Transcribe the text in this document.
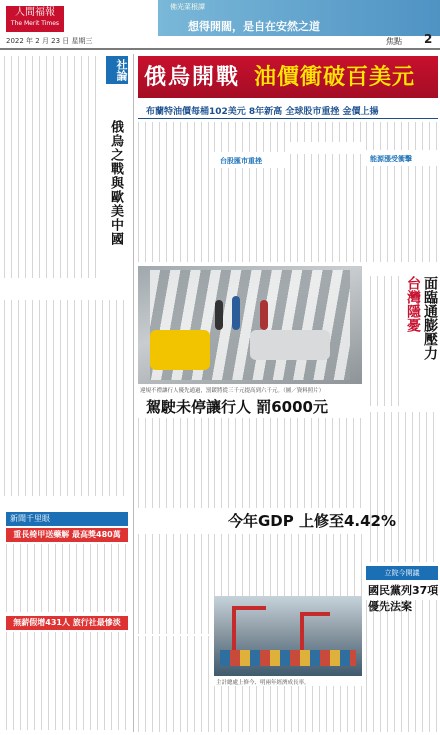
人間福報
The Merit Times
佛光菜根譚
想得開闊，是自在安然之道
2022 年 2 月 23 日 星期三	焦點 2
社論
俄烏之戰與歐美中國
新聞千里眼
重長椅甲送藥解 最高獎480萬
無薪假增431人 旅行社最慘淡
俄烏開戰 油價衝破百美元
布蘭特油價每桶102美元 8年新高 全球股市重挫 金價上揚
台股匯市重挫	能源漲受衝擊
違規不禮讓行人優先通過，罰鍰將從三千元提高到六千元。（圖／資料照片）
駕駛未停讓行人 罰6000元
面臨通膨壓力
台灣隱憂
今年GDP 上修至4.42%
主計總處上修今、明兩年經濟成長率。
立院今開議
國民黨列37項優先法案
